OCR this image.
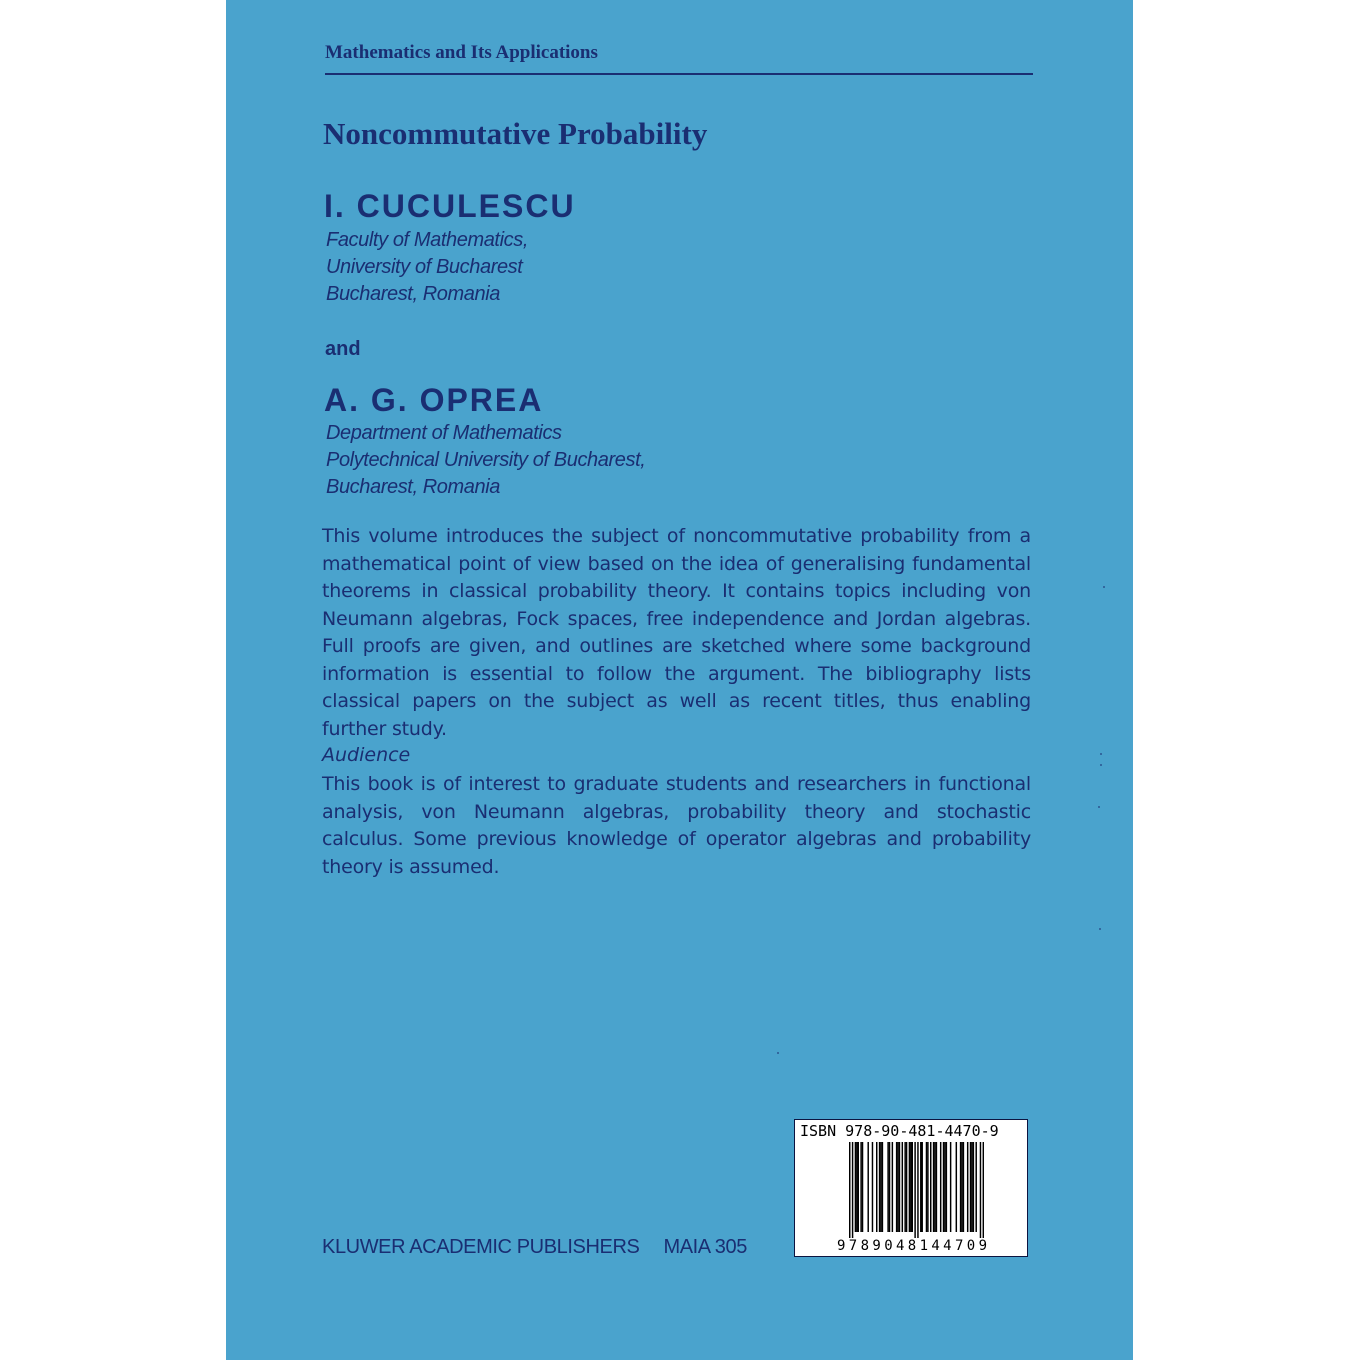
Mathematics and Its Applications
Noncommutative Probability
I. CUCULESCU
Faculty of Mathematics,
University of Bucharest
Bucharest, Romania
and
A. G. OPREA
Department of Mathematics
Polytechnical University of Bucharest,
Bucharest, Romania
This volume introduces the subject of noncommutative probability from a mathematical point of view based on the idea of generalising fundamental theorems in classical probability theory. It contains topics including von Neumann algebras, Fock spaces, free independence and Jordan algebras. Full proofs are given, and outlines are sketched where some background information is essential to follow the argument. The bibliography lists classical papers on the subject as well as recent titles, thus enabling further study.
Audience
This book is of interest to graduate students and researchers in functional analysis, von Neumann algebras, probability theory and stochastic calculus. Some previous knowledge of operator algebras and probability theory is assumed.
KLUWER ACADEMIC PUBLISHERS MAIA 305
ISBN 978-90-481-4470-9
9 7 8 9 0 4 8 1 4 4 7 0 9
